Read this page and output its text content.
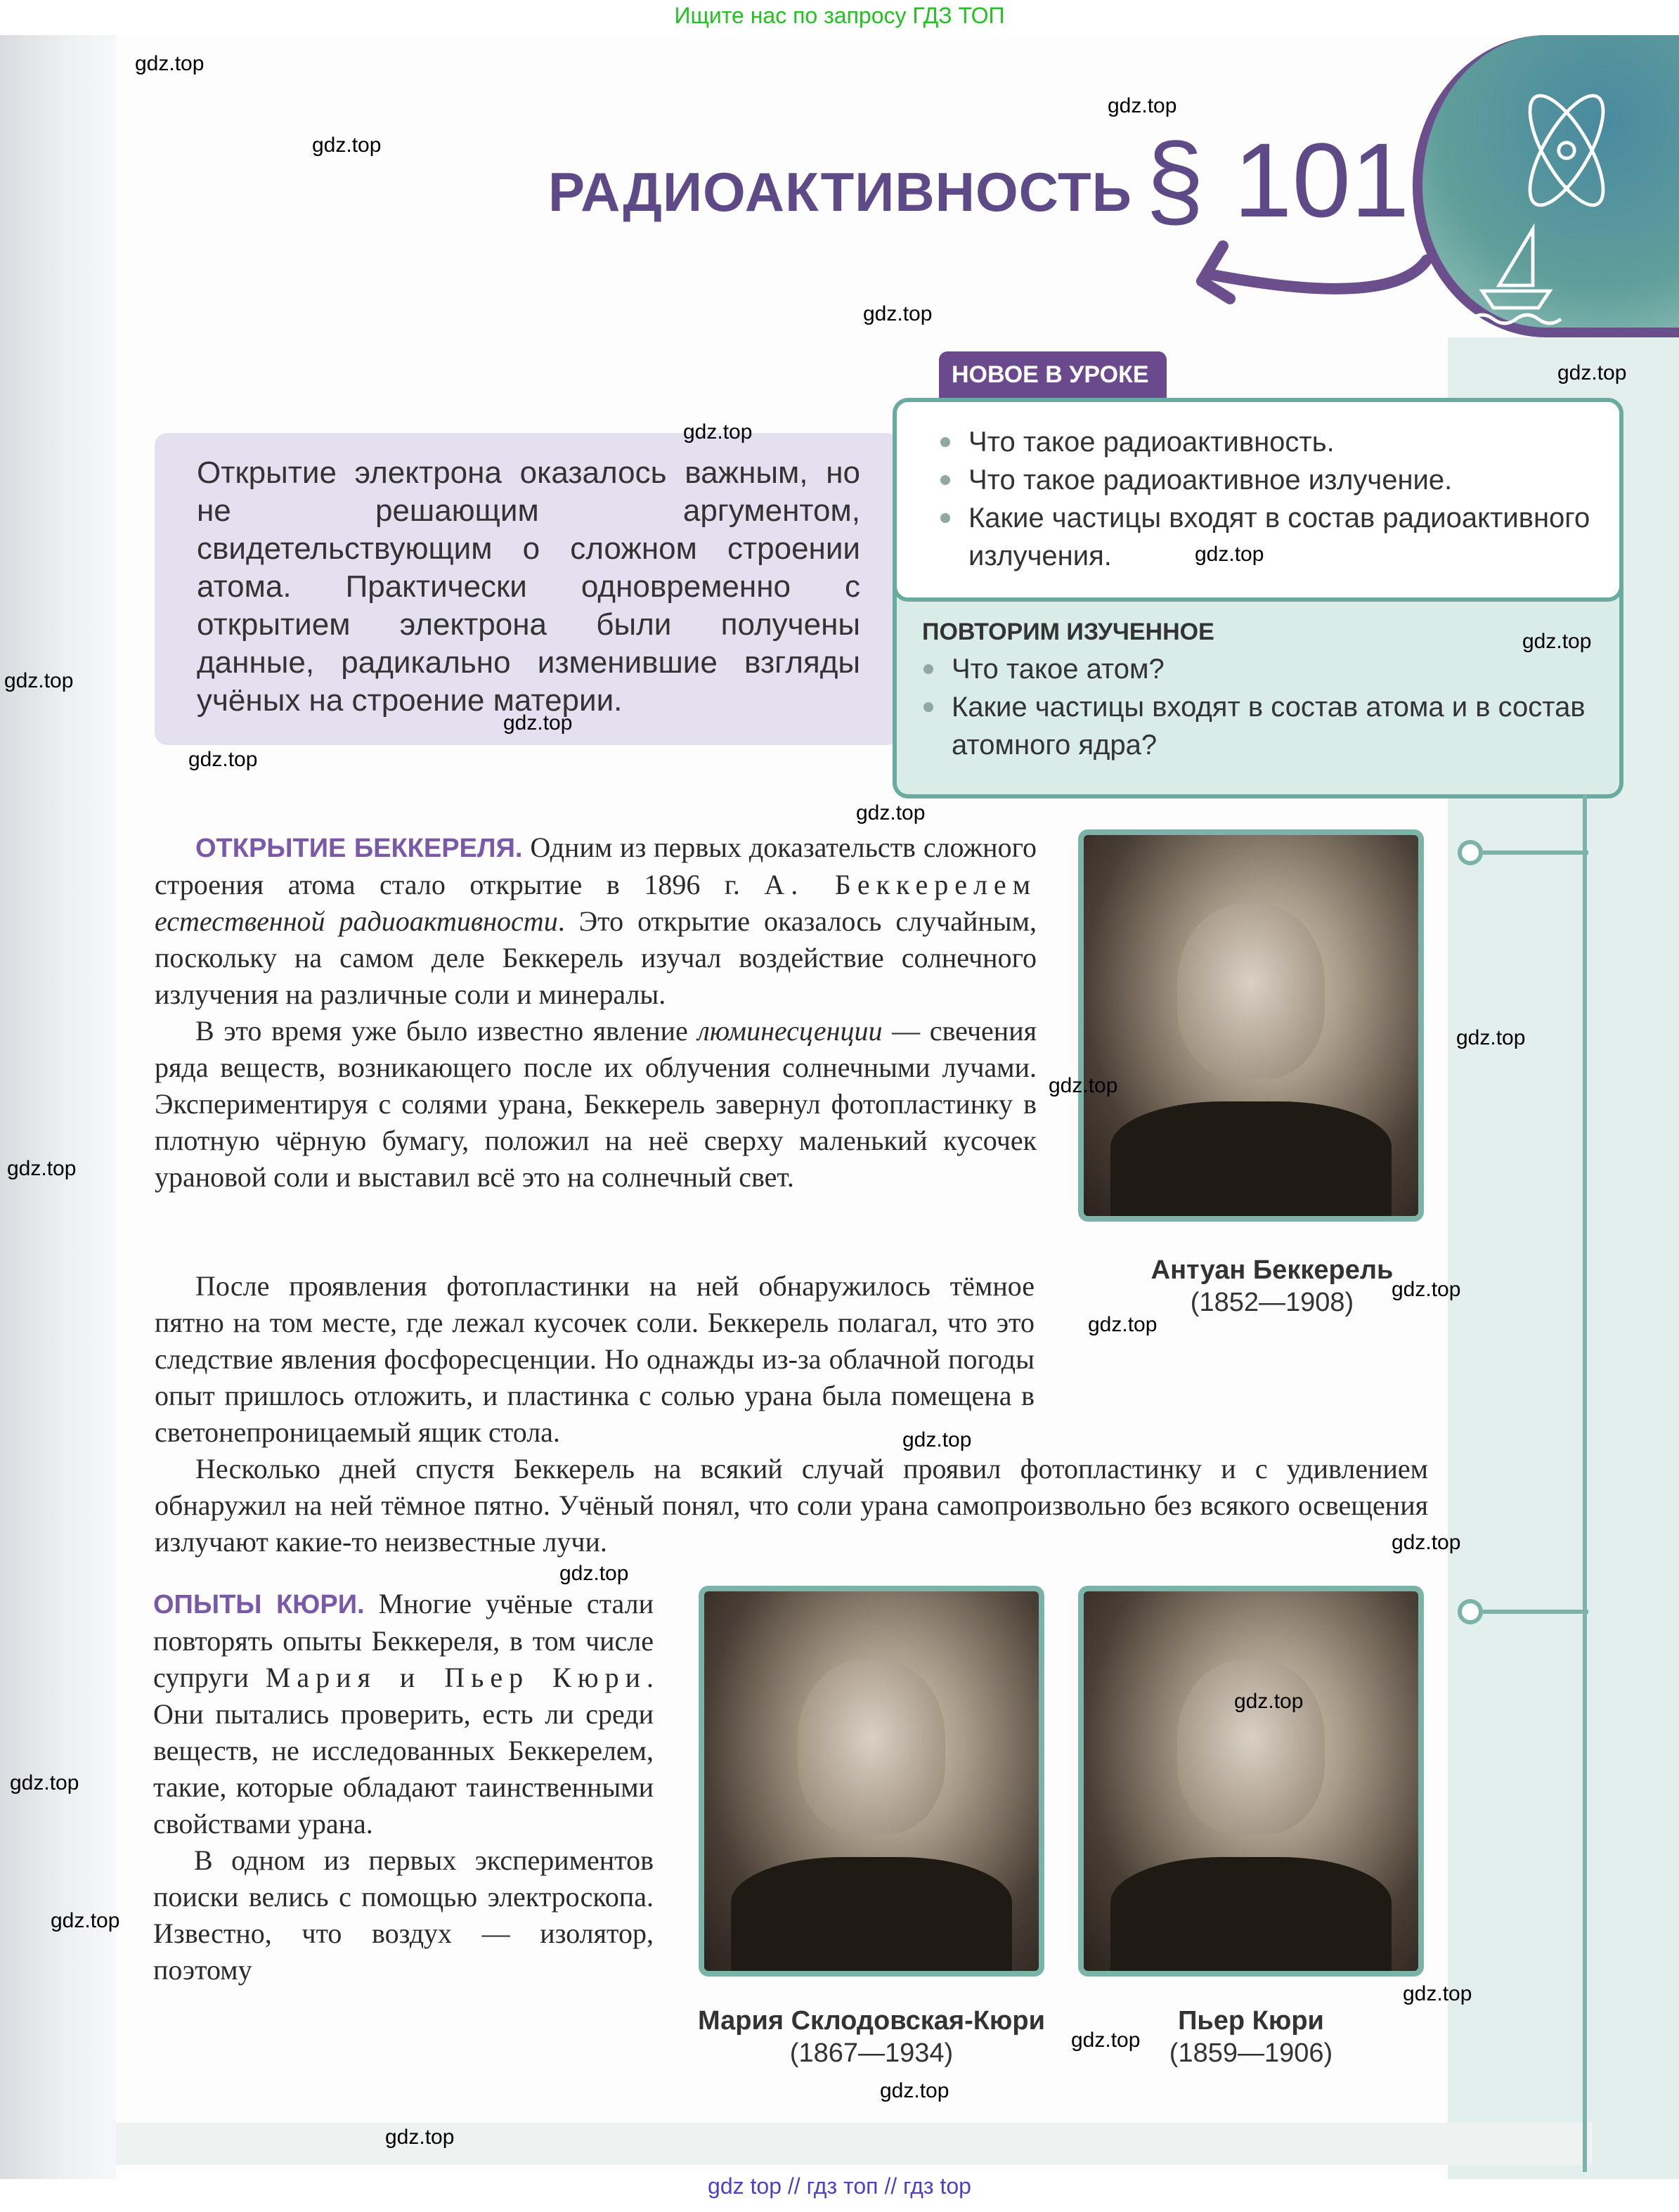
Ищите нас по запросу ГДЗ ТОП
РАДИОАКТИВНОСТЬ § 101
Открытие электрона оказалось важным, но не решающим аргументом, свидетельствующим о сложном строении атома. Практически одновременно с открытием электрона были получены данные, радикально изменившие взгляды учёных на строение материи.
НОВОЕ В УРОКЕ
Что такое радиоактивность.
Что такое радиоактивное излучение.
Какие частицы входят в состав радиоактивного излучения.
ПОВТОРИМ ИЗУЧЕННОЕ
Что такое атом?
Какие частицы входят в состав атома и в состав атомного ядра?

ОТКРЫТИЕ БЕККЕРЕЛЯ. Одним из первых доказательств сложного строения атома стало открытие в 1896 г. А. Беккерелем естественной радиоактивности. Это открытие оказалось случайным, поскольку на самом деле Беккерель изучал воздействие солнечного излучения на различные соли и минералы.

В это время уже было известно явление люминесценции — свечения ряда веществ, возникающего после их облучения солнечными лучами. Экспериментируя с солями урана, Беккерель завернул фотопластинку в плотную чёрную бумагу, положил на неё сверху маленький кусочек урановой соли и выставил всё это на солнечный свет.

После проявления фотопластинки на ней обнаружилось тёмное пятно на том месте, где лежал кусочек соли. Беккерель полагал, что это следствие явления фосфоресценции. Но однажды из-за облачной погоды опыт пришлось отложить, и пластинка с солью урана была помещена в светонепроницаемый ящик стола.

Несколько дней спустя Беккерель на всякий случай проявил фотопластинку и с удивлением обнаружил на ней тёмное пятно. Учёный понял, что соли урана самопроизвольно без всякого освещения излучают какие-то неизвестные лучи.

Антуан Беккерель
(1852—1908)

ОПЫТЫ КЮРИ. Многие учёные стали повторять опыты Беккереля, в том числе супруги Мария и Пьер Кюри. Они пытались проверить, есть ли среди веществ, не исследованных Беккерелем, такие, которые обладают таинственными свойствами урана.

В одном из первых экспериментов поиски велись с помощью электроскопа. Известно, что воздух — изолятор, поэтому

Мария Склодовская-Кюри (1867—1934)
Пьер Кюри
(1859—1906)
gdz.top
gdz.top
gdz.top
gdz.top
gdz.top
gdz.top
gdz.top
gdz.top
gdz.top
gdz.top
gdz.top
gdz.top
gdz.top
gdz.top
gdz.top
gdz.top
gdz.top
gdz.top
gdz.top
gdz.top
gdz.top
gdz.top
gdz.top
gdz.top
gdz.top
gdz.top
gdz.top
gdz top // гдз топ // гдз top
